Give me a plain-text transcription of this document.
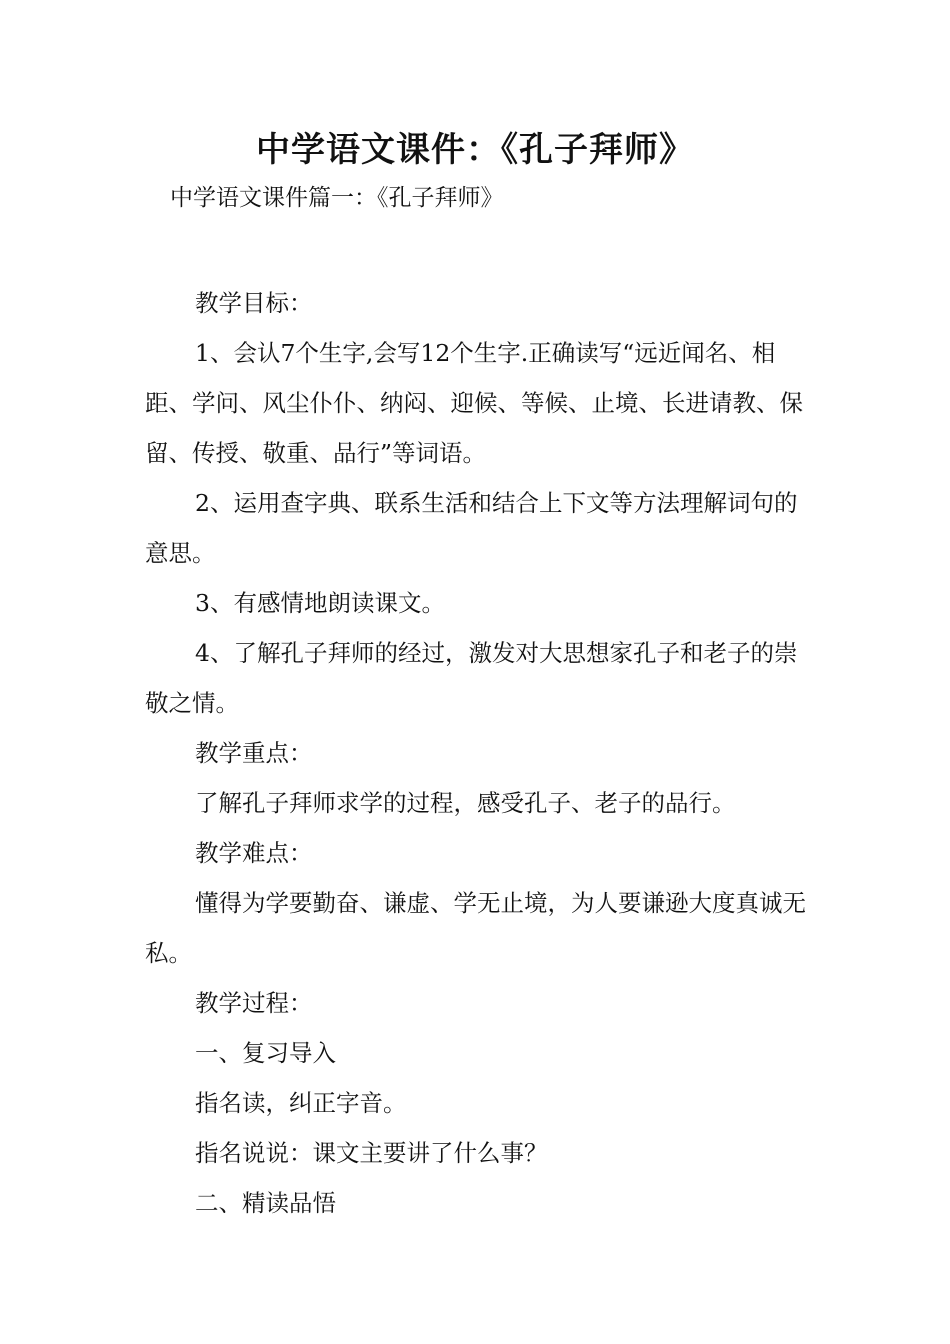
中学语文课件：《孔子拜师》
中学语文课件篇一：《孔子拜师》

教学目标：

1、会认7个生字,会写12个生字.正确读写“远近闻名、相距、学问、风尘仆仆、纳闷、迎候、等候、止境、长进请教、保留、传授、敬重、品行”等词语。

2、运用查字典、联系生活和结合上下文等方法理解词句的意思。

3、有感情地朗读课文。

4、了解孔子拜师的经过，激发对大思想家孔子和老子的崇敬之情。

教学重点：

了解孔子拜师求学的过程，感受孔子、老子的品行。

教学难点：

懂得为学要勤奋、谦虚、学无止境，为人要谦逊大度真诚无私。

教学过程：

一、复习导入

指名读，纠正字音。

指名说说：课文主要讲了什么事？

二、精读品悟
